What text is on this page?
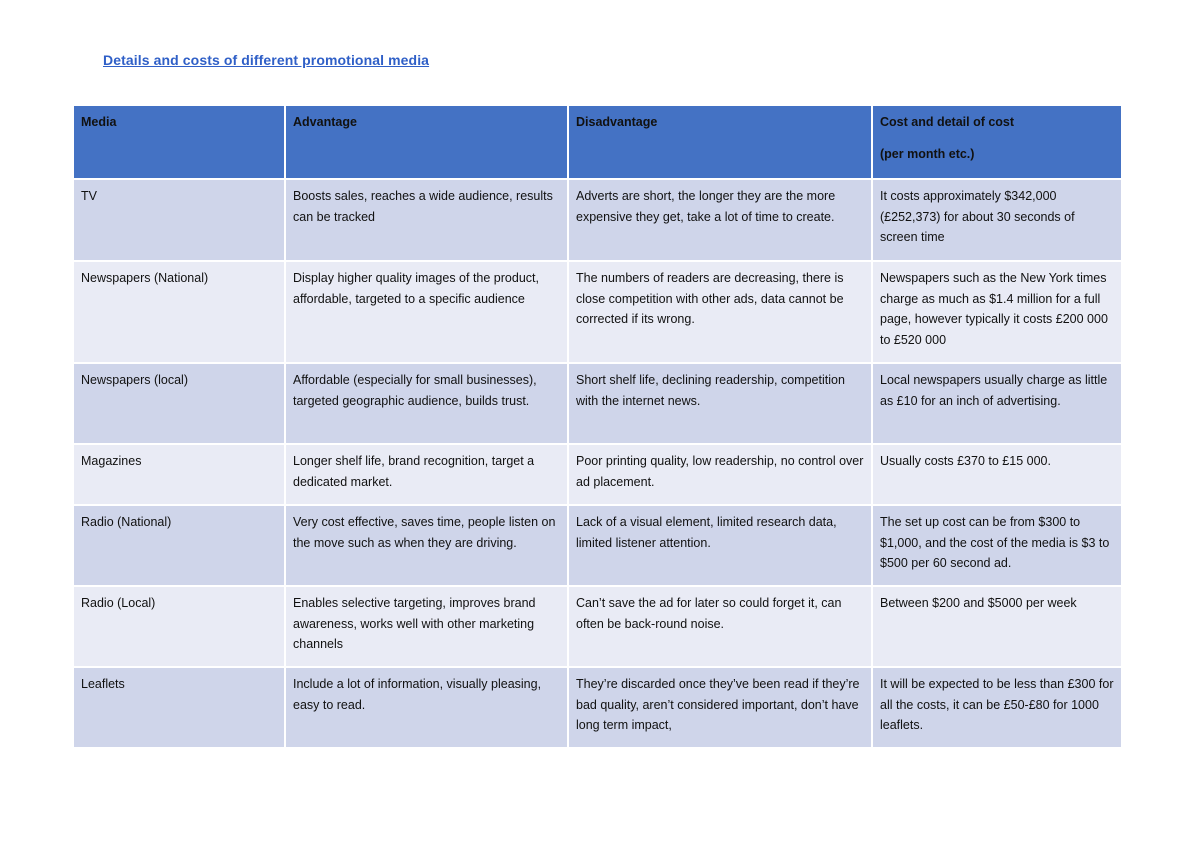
Details and costs of different promotional media
Media	Advantage	Disadvantage	Cost and detail of cost
(per month etc.)

TV	Boosts sales, reaches a wide audience, results can be tracked	Adverts are short, the longer they are the more expensive they get, take a lot of time to create.	It costs approximately $342,000 (£252,373) for about 30 seconds of screen time
Newspapers (National)	Display higher quality images of the product, affordable, targeted to a specific audience	The numbers of readers are decreasing, there is close competition with other ads, data cannot be corrected if its wrong.	Newspapers such as the New York times charge as much as $1.4 million for a full page, however typically it costs £200 000 to £520 000
Newspapers (local)	Affordable (especially for small businesses), targeted geographic audience, builds trust.	Short shelf life, declining readership, competition with the internet news.	Local newspapers usually charge as little as £10 for an inch of advertising.
Magazines	Longer shelf life, brand recognition, target a dedicated market.	Poor printing quality, low readership, no control over ad placement.	Usually costs £370 to £15 000.
Radio (National)	Very cost effective, saves time, people listen on the move such as when they are driving.	Lack of a visual element, limited research data, limited listener attention.	The set up cost can be from $300 to $1,000, and the cost of the media is $3 to $500 per 60 second ad.
Radio (Local)	Enables selective targeting, improves brand awareness, works well with other marketing channels	Can’t save the ad for later so could forget it, can often be back-round noise.	Between $200 and $5000 per week
Leaflets	Include a lot of information, visually pleasing, easy to read.	They’re discarded once they’ve been read if they’re bad quality, aren’t considered important, don’t have long term impact,	It will be expected to be less than £300 for all the costs, it can be £50-£80 for 1000 leaflets.
